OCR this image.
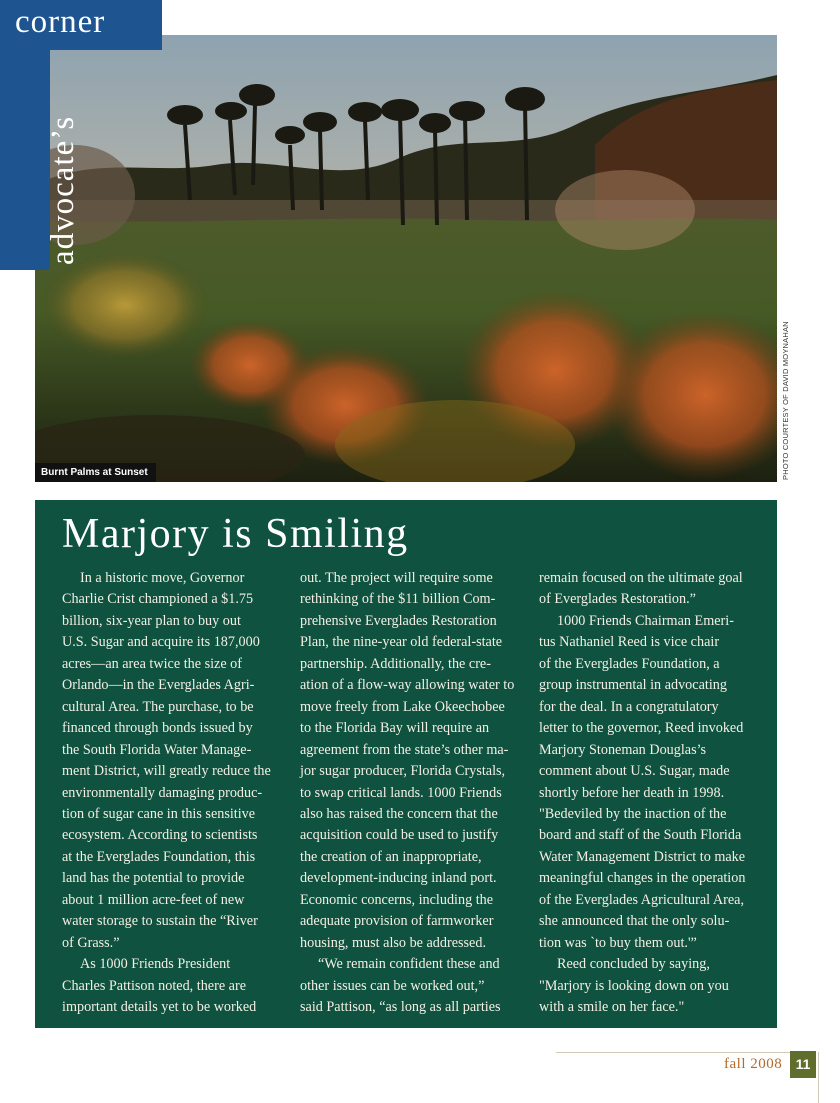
corner
advocate’s
Burnt Palms at Sunset	PHOTO COURTESY OF DAVID MOYNAHAN
Marjory is Smiling

In a historic move, Governor
Charlie Crist championed a $1.75
billion, six-year plan to buy out
U.S. Sugar and acquire its 187,000
acres—an area twice the size of
Orlando—in the Everglades Agri-
cultural Area. The purchase, to be
financed through bonds issued by
the South Florida Water Manage-
ment District, will greatly reduce the
environmentally damaging produc-
tion of sugar cane in this sensitive
ecosystem. According to scientists
at the Everglades Foundation, this
land has the potential to provide
about 1 million acre-feet of new
water storage to sustain the “River
of Grass.”

As 1000 Friends President
Charles Pattison noted, there are
important details yet to be worked

out. The project will require some
rethinking of the $11 billion Com-
prehensive Everglades Restoration
Plan, the nine-year old federal-state
partnership. Additionally, the cre-
ation of a flow-way allowing water to
move freely from Lake Okeechobee
to the Florida Bay will require an
agreement from the state’s other ma-
jor sugar producer, Florida Crystals,
to swap critical lands. 1000 Friends
also has raised the concern that the
acquisition could be used to justify
the creation of an inappropriate,
development-inducing inland port.
Economic concerns, including the
adequate provision of farmworker
housing, must also be addressed.

“We remain confident these and
other issues can be worked out,”
said Pattison, “as long as all parties

remain focused on the ultimate goal
of Everglades Restoration.”

1000 Friends Chairman Emeri-
tus Nathaniel Reed is vice chair
of the Everglades Foundation, a
group instrumental in advocating
for the deal. In a congratulatory
letter to the governor, Reed invoked
Marjory Stoneman Douglas’s
comment about U.S. Sugar, made
shortly before her death in 1998.
"Bedeviled by the inaction of the
board and staff of the South Florida
Water Management District to make
meaningful changes in the operation
of the Everglades Agricultural Area,
she announced that the only solu-
tion was `to buy them out.'”

Reed concluded by saying,
"Marjory is looking down on you
with a smile on her face."

fall 2008 11
